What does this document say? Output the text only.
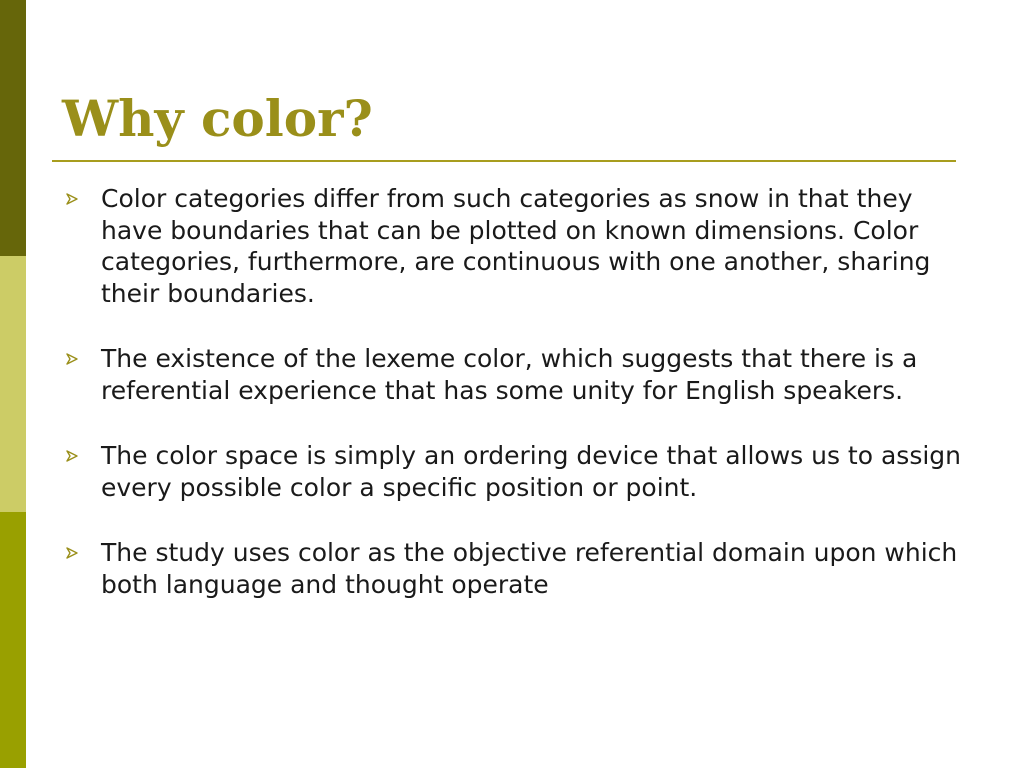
Why color?
Color categories differ from such categories as snow in that they have boundaries that can be plotted on known dimensions. Color categories, furthermore, are continuous with one another, sharing their boundaries.
The existence of the lexeme color, which suggests that there is a referential experience that has some unity for English speakers.
The color space is simply an ordering device that allows us to assign every possible color a specific position or point.
The study uses color as the objective referential domain upon which both language and thought operate
